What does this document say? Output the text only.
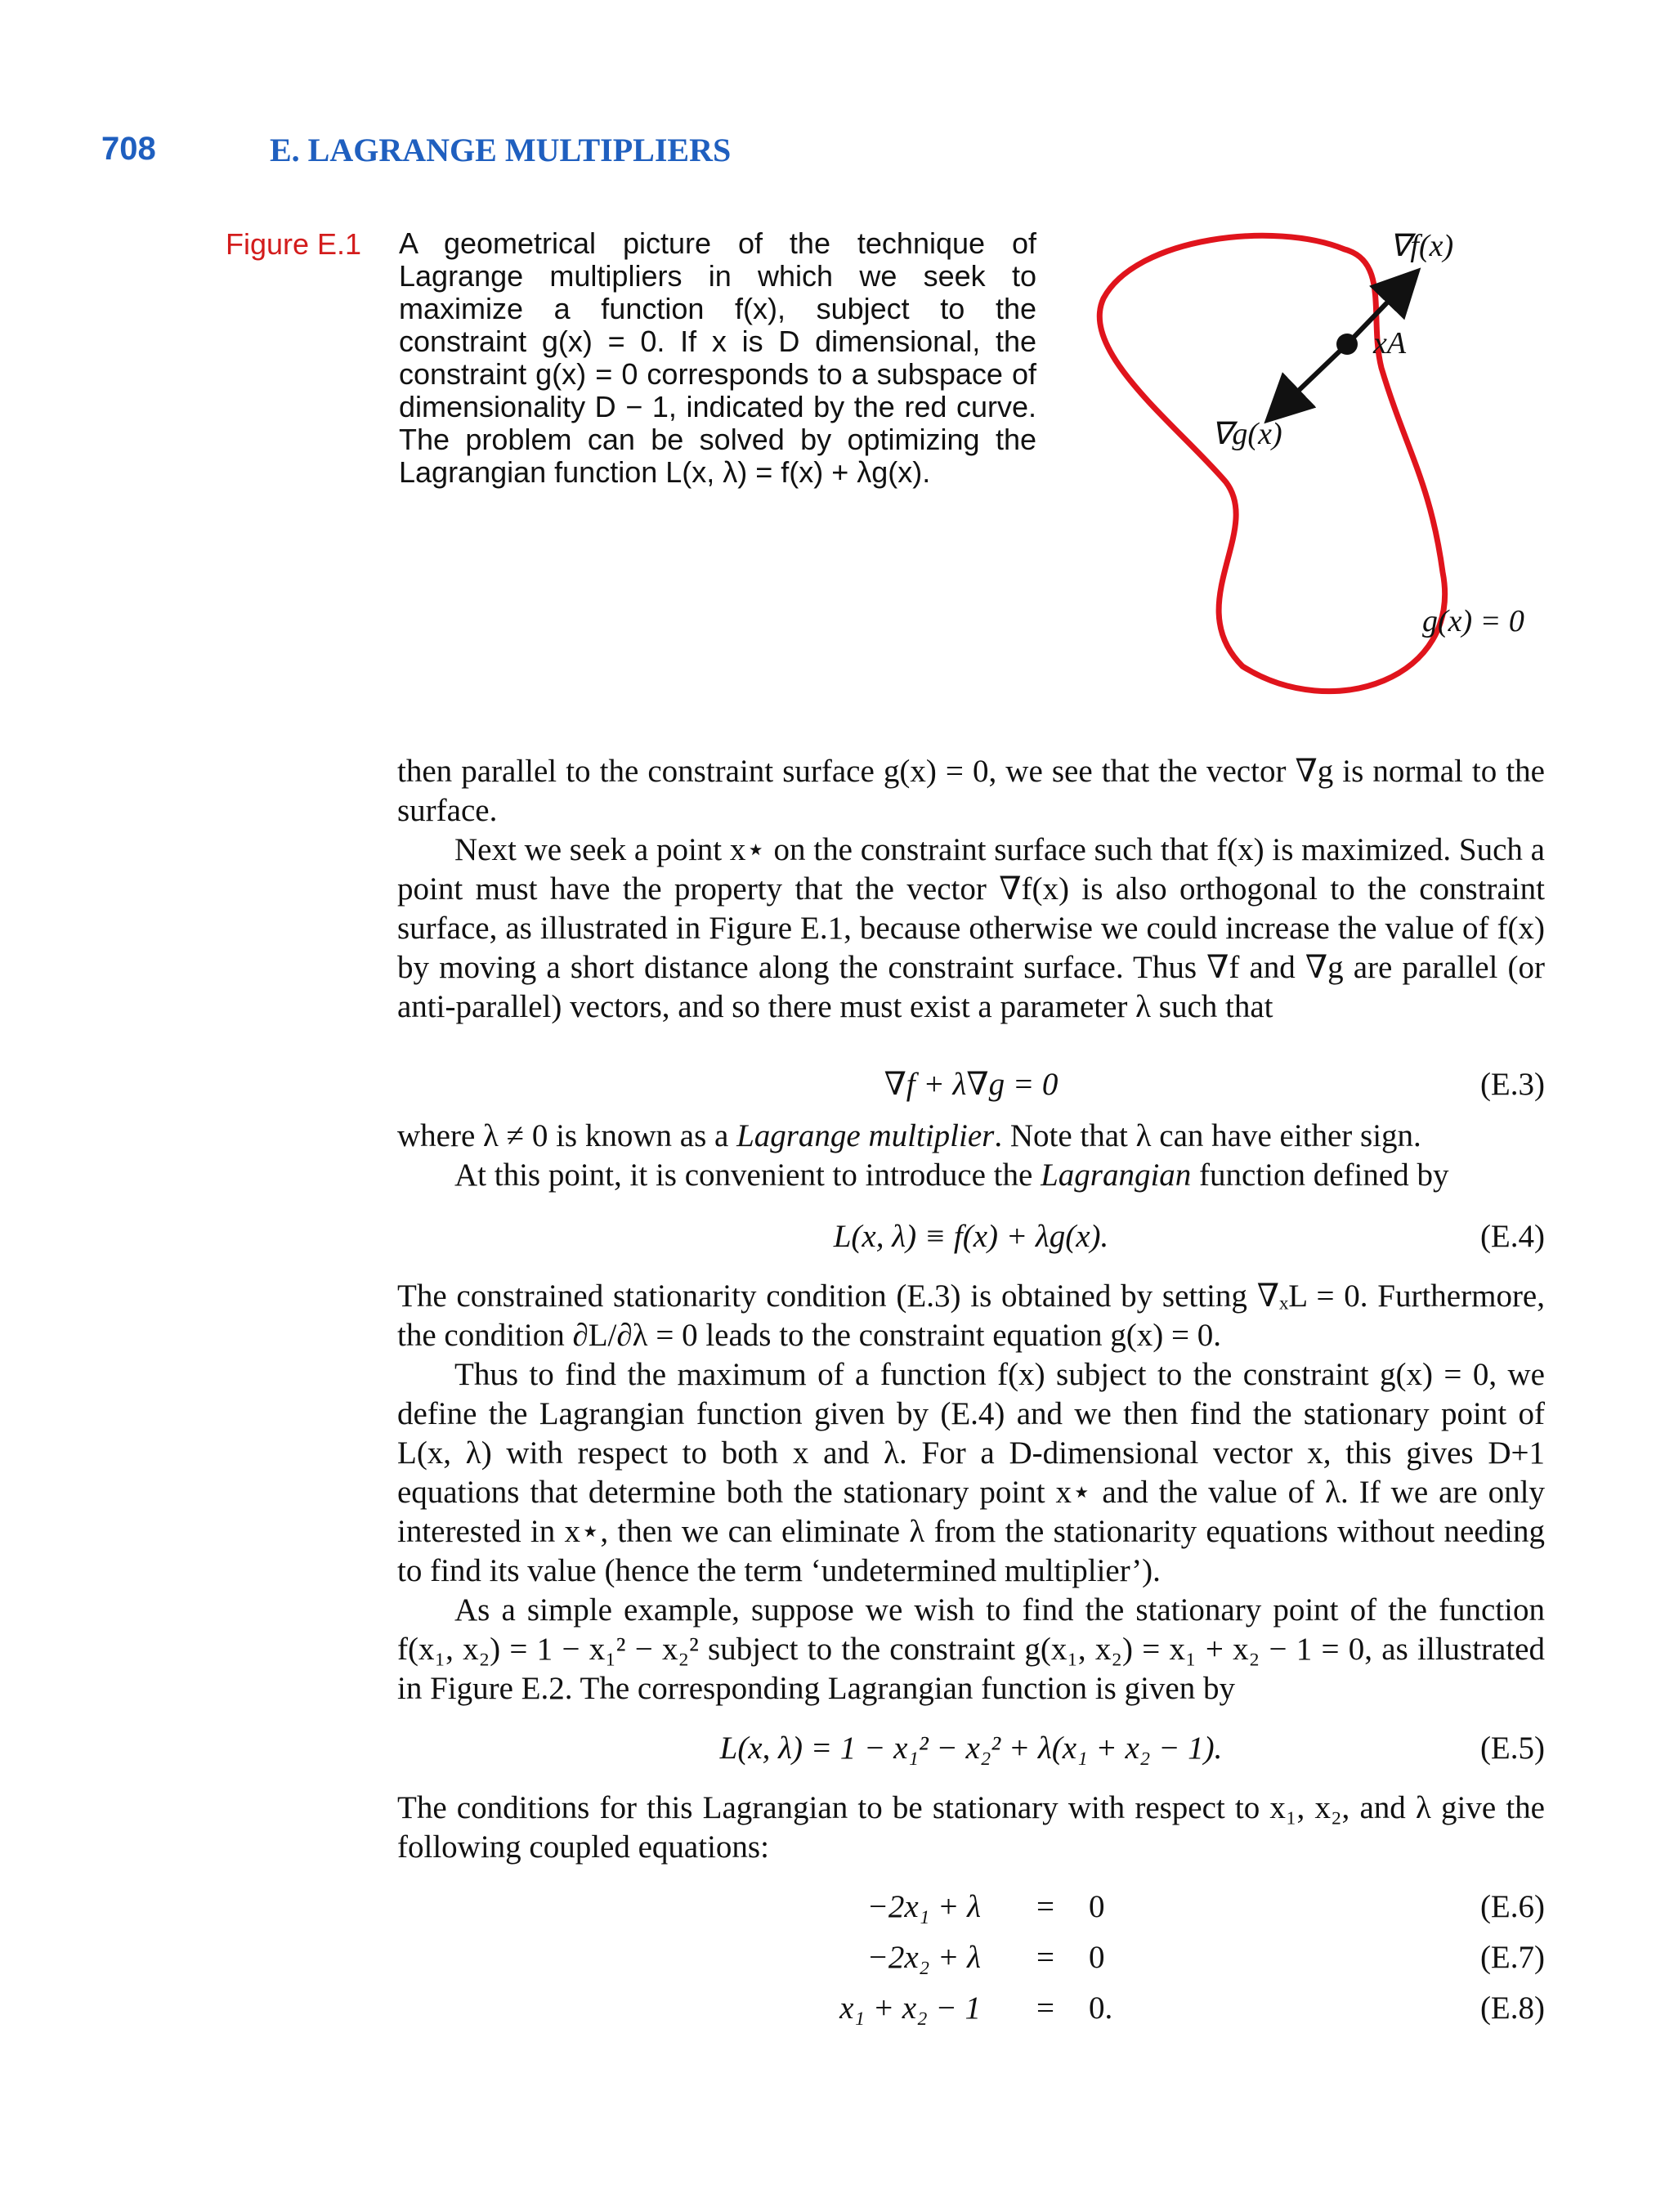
708	E. LAGRANGE MULTIPLIERS
Figure E.1 A geometrical picture of the technique of Lagrange multipliers in which we seek to maximize a function f(x), subject to the constraint g(x) = 0. If x is D dimensional, the constraint g(x) = 0 corresponds to a subspace of dimensionality D − 1, indicated by the red curve. The problem can be solved by optimizing the Lagrangian function L(x, λ) = f(x) + λg(x).
∇f(x)
xA
∇g(x)
g(x) = 0

then parallel to the constraint surface g(x) = 0, we see that the vector ∇g is normal to the surface.

Next we seek a point x⋆ on the constraint surface such that f(x) is maximized. Such a point must have the property that the vector ∇f(x) is also orthogonal to the constraint surface, as illustrated in Figure E.1, because otherwise we could increase the value of f(x) by moving a short distance along the constraint surface. Thus ∇f and ∇g are parallel (or anti-parallel) vectors, and so there must exist a parameter λ such that

∇f + λ∇g = 0	(E.3)

where λ ≠ 0 is known as a Lagrange multiplier. Note that λ can have either sign.

At this point, it is convenient to introduce the Lagrangian function defined by

L(x, λ) ≡ f(x) + λg(x).	(E.4)

The constrained stationarity condition (E.3) is obtained by setting ∇ₓL = 0. Furthermore, the condition ∂L/∂λ = 0 leads to the constraint equation g(x) = 0.

Thus to find the maximum of a function f(x) subject to the constraint g(x) = 0, we define the Lagrangian function given by (E.4) and we then find the stationary point of L(x, λ) with respect to both x and λ. For a D-dimensional vector x, this gives D+1 equations that determine both the stationary point x⋆ and the value of λ. If we are only interested in x⋆, then we can eliminate λ from the stationarity equations without needing to find its value (hence the term ‘undetermined multiplier’).

As a simple example, suppose we wish to find the stationary point of the function f(x₁, x₂) = 1 − x₁² − x₂² subject to the constraint g(x₁, x₂) = x₁ + x₂ − 1 = 0, as illustrated in Figure E.2. The corresponding Lagrangian function is given by

L(x, λ) = 1 − x₁² − x₂² + λ(x₁ + x₂ − 1).	(E.5)

The conditions for this Lagrangian to be stationary with respect to x₁, x₂, and λ give the following coupled equations:

−2x₁ + λ = 0	(E.6)
−2x₂ + λ = 0	(E.7)
x₁ + x₂ − 1 = 0.	(E.8)
